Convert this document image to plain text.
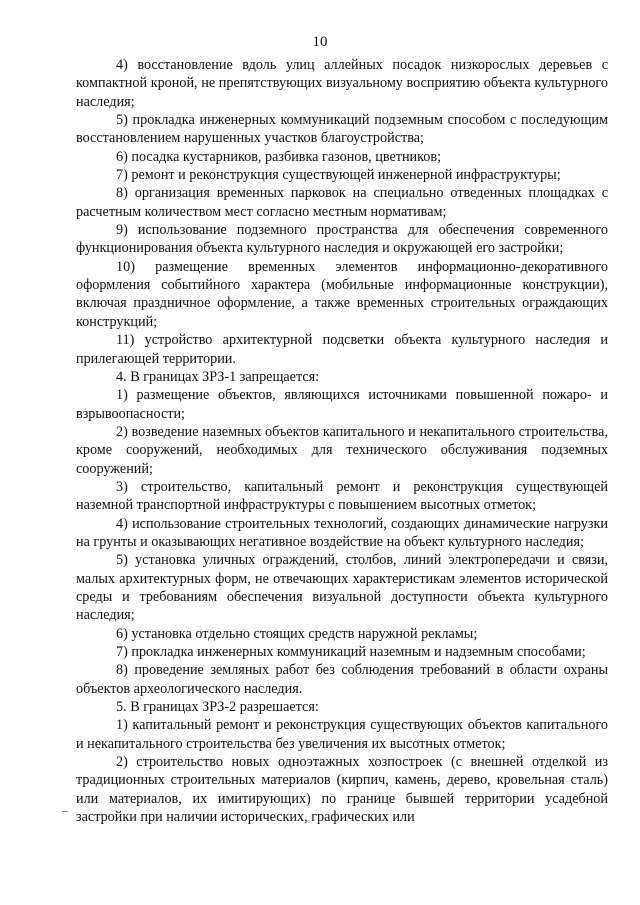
10

4) восстановление вдоль улиц аллейных посадок низкорослых деревьев с компактной кроной, не препятствующих визуальному восприятию объекта культурного наследия;

5) прокладка инженерных коммуникаций подземным способом с последующим восстановлением нарушенных участков благоустройства;

6) посадка кустарников, разбивка газонов, цветников;

7) ремонт и реконструкция существующей инженерной инфраструктуры;

8) организация временных парковок на специально отведенных площадках с расчетным количеством мест согласно местным нормативам;

9) использование подземного пространства для обеспечения современного функционирования объекта культурного наследия и окружающей его застройки;

10) размещение временных элементов информационно-декоративного оформления событийного характера (мобильные информационные конструкции), включая праздничное оформление, а также временных строительных ограждающих конструкций;

11) устройство архитектурной подсветки объекта культурного наследия и прилегающей территории.

4. В границах ЗРЗ-1 запрещается:

1) размещение объектов, являющихся источниками повышенной пожаро- и взрывоопасности;

2) возведение наземных объектов капитального и некапитального строительства, кроме сооружений, необходимых для технического обслуживания подземных сооружений;

3) строительство, капитальный ремонт и реконструкция существующей наземной транспортной инфраструктуры с повышением высотных отметок;

4) использование строительных технологий, создающих динамические нагрузки на грунты и оказывающих негативное воздействие на объект культурного наследия;

5) установка уличных ограждений, столбов, линий электропередачи и связи, малых архитектурных форм, не отвечающих характеристикам элементов исторической среды и требованиям обеспечения визуальной доступности объекта культурного наследия;

6) установка отдельно стоящих средств наружной рекламы;

7) прокладка инженерных коммуникаций наземным и надземным способами;

8) проведение земляных работ без соблюдения требований в области охраны объектов археологического наследия.

5. В границах ЗРЗ-2 разрешается:

1) капитальный ремонт и реконструкция существующих объектов капитального и некапитального строительства без увеличения их высотных отметок;

2) строительство новых одноэтажных хозпостроек (с внешней отделкой из традиционных строительных материалов (кирпич, камень, дерево, кровельная сталь) или материалов, их имитирующих) по границе бывшей территории усадебной застройки при наличии исторических, графических или
